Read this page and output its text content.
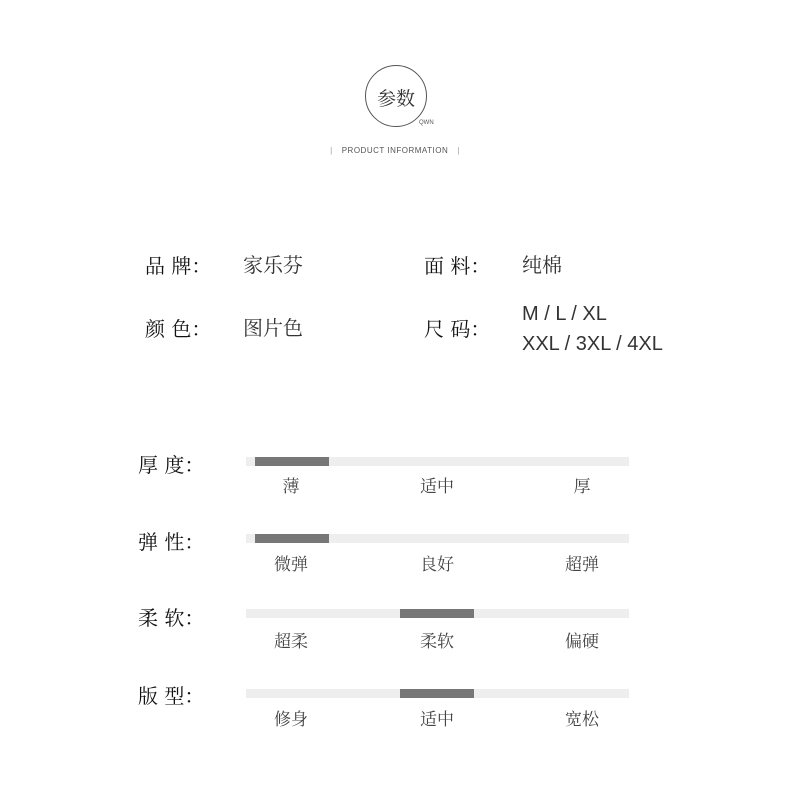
参数
QWN
| PRODUCT INFORMATION |
品 牌： 家乐芬	面 料： 纯棉
颜 色： 图片色	尺 码：M / L / XL
XXL / 3XL / 4XL
厚 度：
薄	适中	厚
弹 性：
微弹	良好	超弹
柔 软：
超柔	柔软	偏硬
版 型：
修身	适中	宽松
